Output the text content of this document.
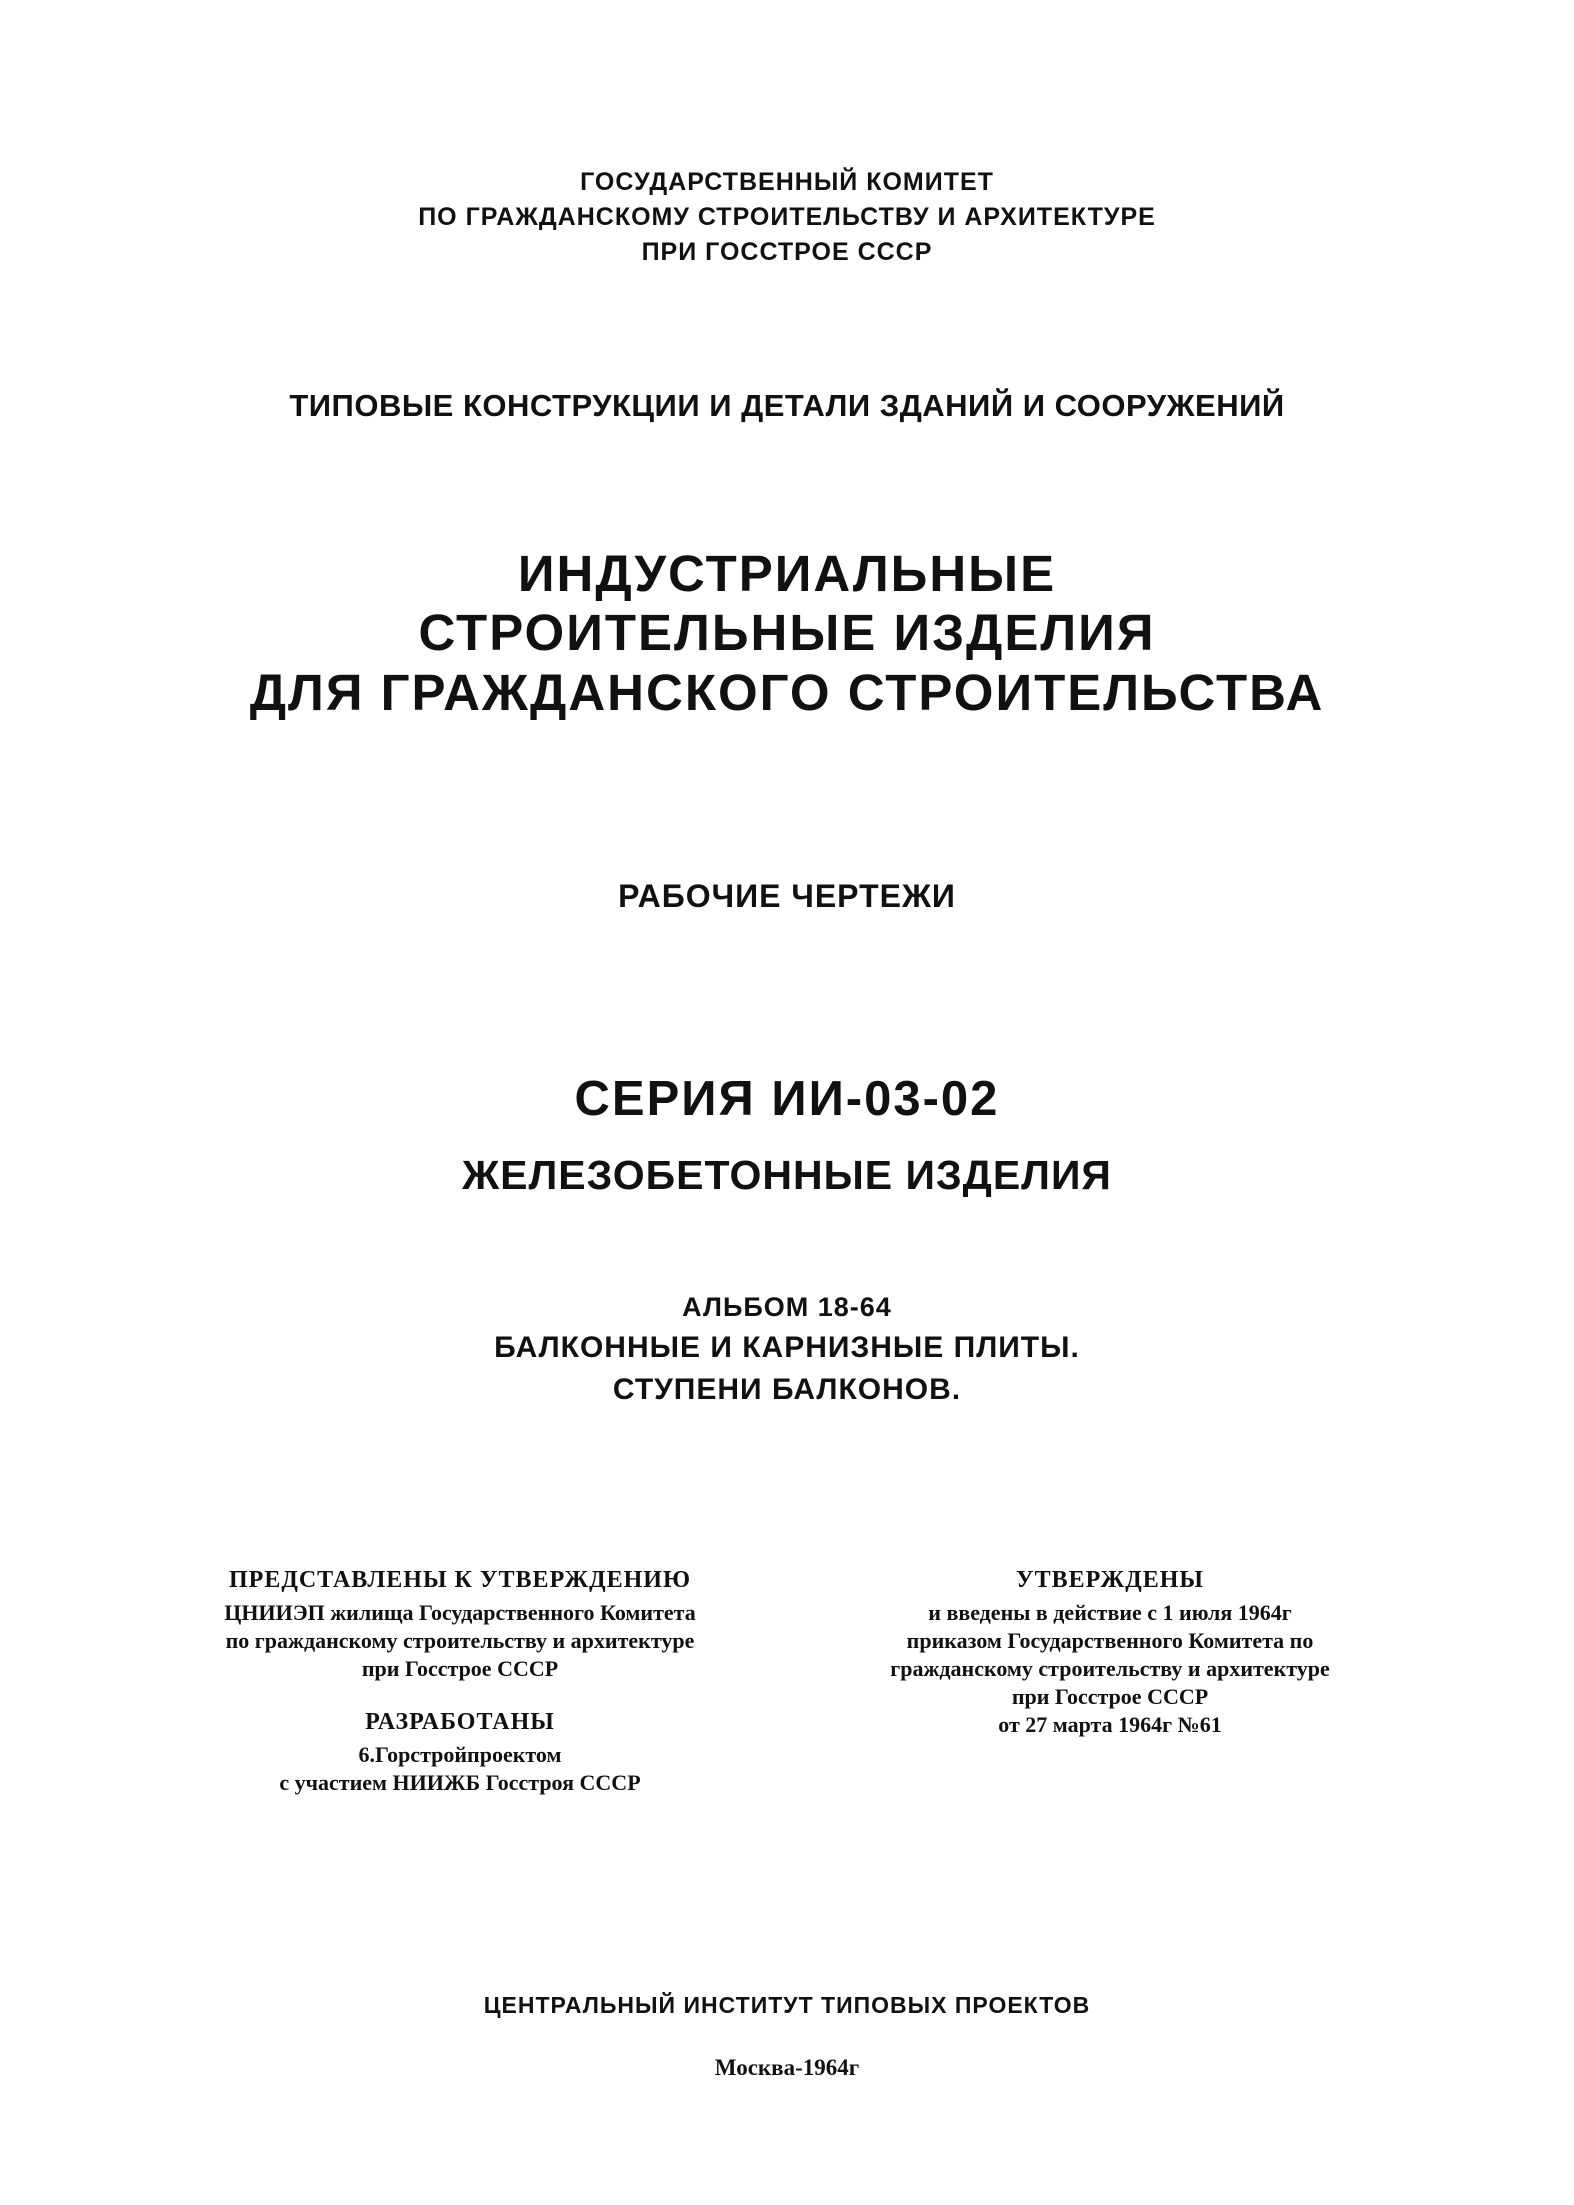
ГОСУДАРСТВЕННЫЙ КОМИТЕТ
ПО ГРАЖДАНСКОМУ СТРОИТЕЛЬСТВУ И АРХИТЕКТУРЕ
ПРИ ГОССТРОЕ СССР
ТИПОВЫЕ КОНСТРУКЦИИ И ДЕТАЛИ ЗДАНИЙ И СООРУЖЕНИЙ
ИНДУСТРИАЛЬНЫЕ
СТРОИТЕЛЬНЫЕ ИЗДЕЛИЯ
ДЛЯ ГРАЖДАНСКОГО СТРОИТЕЛЬСТВА
РАБОЧИЕ ЧЕРТЕЖИ
СЕРИЯ ИИ-03-02
ЖЕЛЕЗОБЕТОННЫЕ ИЗДЕЛИЯ
АЛЬБОМ 18-64
БАЛКОННЫЕ И КАРНИЗНЫЕ ПЛИТЫ.
СТУПЕНИ БАЛКОНОВ.
ПРЕДСТАВЛЕНЫ К УТВЕРЖДЕНИЮ
ЦНИИЭП жилища Государственного Комитета
по гражданскому строительству и архитектуре
при Госстрое СССР
РАЗРАБОТАНЫ
6.Горстройпроектом
с участием НИИЖБ Госстроя СССР
УТВЕРЖДЕНЫ
и введены в действие с 1 июля 1964г
приказом Государственного Комитета по
гражданскому строительству и архитектуре
при Госстрое СССР
от 27 марта 1964г №61
ЦЕНТРАЛЬНЫЙ ИНСТИТУТ ТИПОВЫХ ПРОЕКТОВ
Москва-1964г
